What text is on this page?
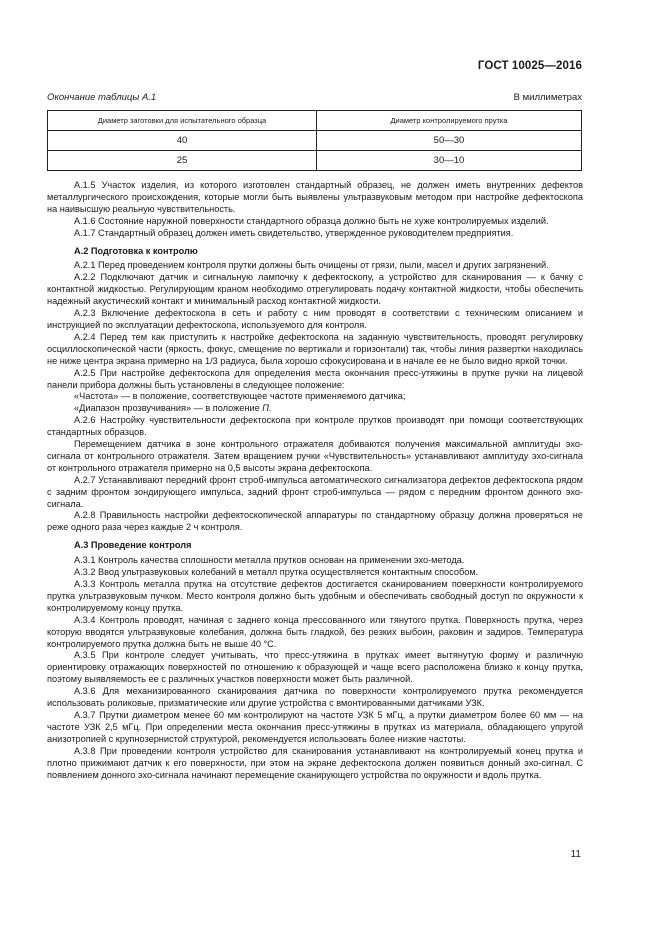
ГОСТ 10025—2016
Окончание таблицы А.1	В миллиметрах
Диаметр заготовки для испытательного образца	Диаметр контролируемого прутка
40	50—30
25	30—10

А.1.5 Участок изделия, из которого изготовлен стандартный образец, не должен иметь внутренних дефектов металлургического происхождения, которые могли быть выявлены ультразвуковым методом при настройке дефектоскопа на наивысшую реальную чувствительность.

А.1.6 Состояние наружной поверхности стандартного образца должно быть не хуже контролируемых изделий.

А.1.7 Стандартный образец должен иметь свидетельство, утвержденное руководителем предприятия.

А.2 Подготовка к контролю

А.2.1 Перед проведением контроля прутки должны быть очищены от грязи, пыли, масел и других загрязнений.

А.2.2 Подключают датчик и сигнальную лампочку к дефектоскопу, а устройство для сканирования — к бачку с контактной жидкостью. Регулирующим краном необходимо отрегулировать подачу контактной жидкости, чтобы обеспечить надежный акустический контакт и минимальный расход контактной жидкости.

А.2.3 Включение дефектоскопа в сеть и работу с ним проводят в соответствии с техническим описанием и инструкцией по эксплуатации дефектоскопа, используемого для контроля.

А.2.4 Перед тем как приступить к настройке дефектоскопа на заданную чувствительность, проводят регулировку осциллоскопической части (яркость, фокус, смещение по вертикали и горизонтали) так, чтобы линия развертки находилась не ниже центра экрана примерно на 1/3 радиуса, была хорошо сфокусирована и в начале ее не было видно яркой точки.

А.2.5 При настройке дефектоскопа для определения места окончания пресс-утяжины в прутке ручки на лицевой панели прибора должны быть установлены в следующее положение:

«Частота» — в положение, соответствующее частоте применяемого датчика;

«Диапазон прозвучивания» — в положение П.

А.2.6 Настройку чувствительности дефектоскопа при контроле прутков производят при помощи соответствующих стандартных образцов.

Перемещением датчика в зоне контрольного отражателя добиваются получения максимальной амплитуды эхо-сигнала от контрольного отражателя. Затем вращением ручки «Чувствительность» устанавливают амплитуду эхо-сигнала от контрольного отражателя примерно на 0,5 высоты экрана дефектоскопа.

А.2.7 Устанавливают передний фронт строб-импульса автоматического сигнализатора дефектов дефектоскопа рядом с задним фронтом зондирующего импульса, задний фронт строб-импульса — рядом с передним фронтом донного эхо-сигнала.

А.2.8 Правильность настройки дефектоскопической аппаратуры по стандартному образцу должна проверяться не реже одного раза через каждые 2 ч контроля.

А.3 Проведение контроля

А.3.1 Контроль качества сплошности металла прутков основан на применении эхо-метода.

А.3.2 Ввод ультразвуковых колебаний в металл прутка осуществляется контактным способом.

А.3.3 Контроль металла прутка на отсутствие дефектов достигается сканированием поверхности контролируемого прутка ультразвуковым пучком. Место контроля должно быть удобным и обеспечивать свободный доступ по окружности к контролируемому концу прутка.

А.3.4 Контроль проводят, начиная с заднего конца прессованного или тянутого прутка. Поверхность прутка, через которую вводятся ультразвуковые колебания, должна быть гладкой, без резких выбоин, раковин и задиров. Температура контролируемого прутка должна быть не выше 40 °С.

А.3.5 При контроле следует учитывать, что пресс-утяжина в прутках имеет вытянутую форму и различную ориентировку отражающих поверхностей по отношению к образующей и чаще всего расположена близко к концу прутка, поэтому выявляемость ее с различных участков поверхности может быть различной.

А.3.6 Для механизированного сканирования датчика по поверхности контролируемого прутка рекомендуется использовать роликовые, призматические или другие устройства с вмонтированными датчиками УЗК.

А.3.7 Прутки диаметром менее 60 мм контролируют на частоте УЗК 5 мГц, а прутки диаметром более 60 мм — на частоте УЗК 2,5 мГц. При определении места окончания пресс-утяжины в прутках из материала, обладающего упругой анизотропией с крупнозернистой структурой, рекомендуется использовать более низкие частоты.

А.3.8 При проведении контроля устройство для сканирования устанавливают на контролируемый конец прутка и плотно прижимают датчик к его поверхности, при этом на экране дефектоскопа должен появиться донный эхо-сигнал. С появлением донного эхо-сигнала начинают перемещение сканирующего устройства по окружности и вдоль прутка.

11
